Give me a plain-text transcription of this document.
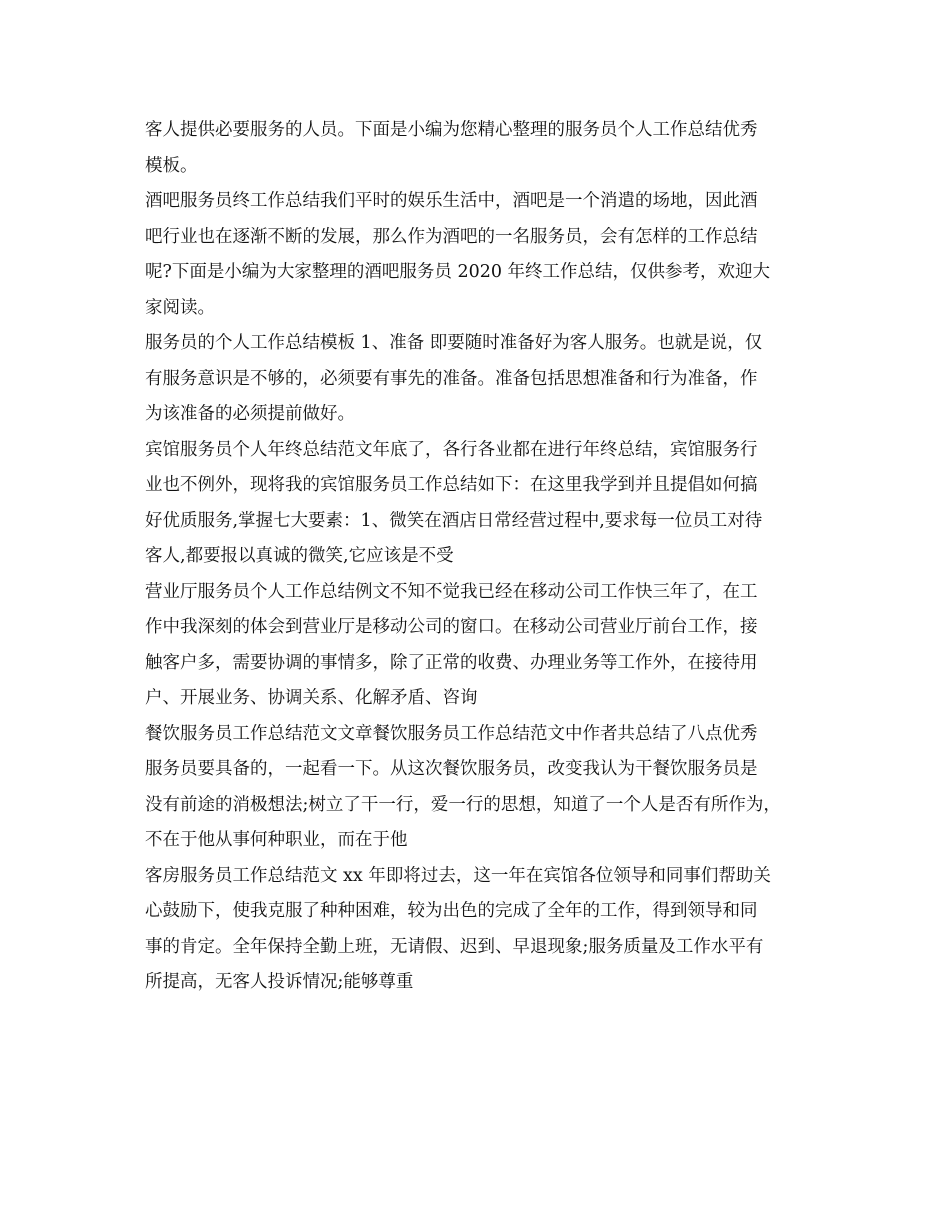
客人提供必要服务的人员。下面是小编为您精心整理的服务员个人工作总结优秀
模板。
酒吧服务员终工作总结我们平时的娱乐生活中，酒吧是一个消遣的场地，因此酒
吧行业也在逐渐不断的发展，那么作为酒吧的一名服务员，会有怎样的工作总结
呢?下面是小编为大家整理的酒吧服务员 2020 年终工作总结，仅供参考，欢迎大
家阅读。
服务员的个人工作总结模板 1、准备 即要随时准备好为客人服务。也就是说，仅
有服务意识是不够的，必须要有事先的准备。准备包括思想准备和行为准备，作
为该准备的必须提前做好。
宾馆服务员个人年终总结范文年底了，各行各业都在进行年终总结，宾馆服务行
业也不例外，现将我的宾馆服务员工作总结如下：在这里我学到并且提倡如何搞
好优质服务,掌握七大要素：1、微笑在酒店日常经营过程中,要求每一位员工对待
客人,都要报以真诚的微笑,它应该是不受
营业厅服务员个人工作总结例文不知不觉我已经在移动公司工作快三年了，在工
作中我深刻的体会到营业厅是移动公司的窗口。在移动公司营业厅前台工作，接
触客户多，需要协调的事情多，除了正常的收费、办理业务等工作外，在接待用
户、开展业务、协调关系、化解矛盾、咨询
餐饮服务员工作总结范文文章餐饮服务员工作总结范文中作者共总结了八点优秀
服务员要具备的，一起看一下。从这次餐饮服务员，改变我认为干餐饮服务员是
没有前途的消极想法;树立了干一行，爱一行的思想，知道了一个人是否有所作为，
不在于他从事何种职业，而在于他
客房服务员工作总结范文 xx 年即将过去，这一年在宾馆各位领导和同事们帮助关
心鼓励下，使我克服了种种困难，较为出色的完成了全年的工作，得到领导和同
事的肯定。全年保持全勤上班，无请假、迟到、早退现象;服务质量及工作水平有
所提高，无客人投诉情况;能够尊重
